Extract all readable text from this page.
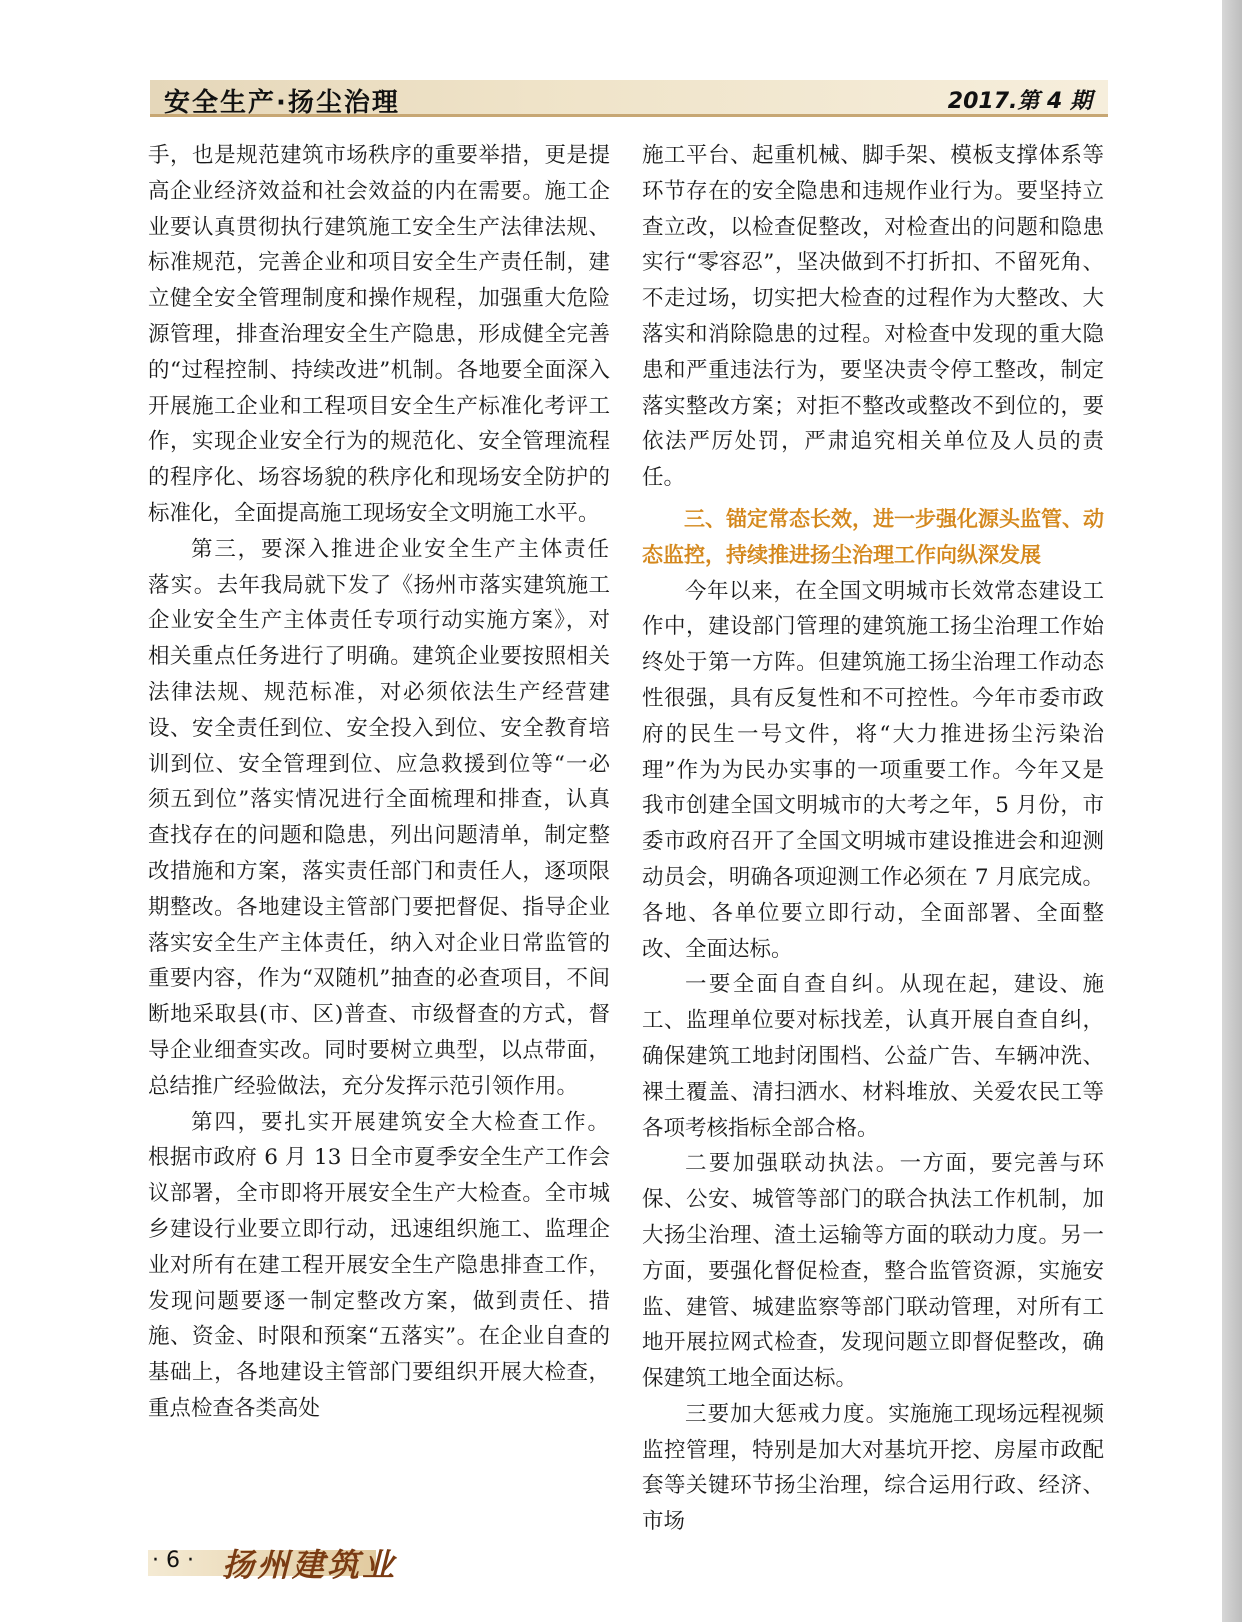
安全生产·扬尘治理	2017.第 4 期

手，也是规范建筑市场秩序的重要举措，更是提高企业经济效益和社会效益的内在需要。施工企业要认真贯彻执行建筑施工安全生产法律法规、标准规范，完善企业和项目安全生产责任制，建立健全安全管理制度和操作规程，加强重大危险源管理，排查治理安全生产隐患，形成健全完善的“过程控制、持续改进”机制。各地要全面深入开展施工企业和工程项目安全生产标准化考评工作，实现企业安全行为的规范化、安全管理流程的程序化、场容场貌的秩序化和现场安全防护的标准化，全面提高施工现场安全文明施工水平。

第三，要深入推进企业安全生产主体责任落实。去年我局就下发了《扬州市落实建筑施工企业安全生产主体责任专项行动实施方案》，对相关重点任务进行了明确。建筑企业要按照相关法律法规、规范标准，对必须依法生产经营建设、安全责任到位、安全投入到位、安全教育培训到位、安全管理到位、应急救援到位等“一必须五到位”落实情况进行全面梳理和排查，认真查找存在的问题和隐患，列出问题清单，制定整改措施和方案，落实责任部门和责任人，逐项限期整改。各地建设主管部门要把督促、指导企业落实安全生产主体责任，纳入对企业日常监管的重要内容，作为“双随机”抽查的必查项目，不间断地采取县(市、区)普查、市级督查的方式，督导企业细查实改。同时要树立典型，以点带面，总结推广经验做法，充分发挥示范引领作用。

第四，要扎实开展建筑安全大检查工作。根据市政府 6 月 13 日全市夏季安全生产工作会议部署，全市即将开展安全生产大检查。全市城乡建设行业要立即行动，迅速组织施工、监理企业对所有在建工程开展安全生产隐患排查工作，发现问题要逐一制定整改方案，做到责任、措施、资金、时限和预案“五落实”。在企业自查的基础上，各地建设主管部门要组织开展大检查，重点检查各类高处

施工平台、起重机械、脚手架、模板支撑体系等环节存在的安全隐患和违规作业行为。要坚持立查立改，以检查促整改，对检查出的问题和隐患实行“零容忍”，坚决做到不打折扣、不留死角、不走过场，切实把大检查的过程作为大整改、大落实和消除隐患的过程。对检查中发现的重大隐患和严重违法行为，要坚决责令停工整改，制定落实整改方案；对拒不整改或整改不到位的，要依法严厉处罚，严肃追究相关单位及人员的责任。

三、锚定常态长效，进一步强化源头监管、动态监控，持续推进扬尘治理工作向纵深发展

今年以来，在全国文明城市长效常态建设工作中，建设部门管理的建筑施工扬尘治理工作始终处于第一方阵。但建筑施工扬尘治理工作动态性很强，具有反复性和不可控性。今年市委市政府的民生一号文件，将“大力推进扬尘污染治理”作为为民办实事的一项重要工作。今年又是我市创建全国文明城市的大考之年，5 月份，市委市政府召开了全国文明城市建设推进会和迎测动员会，明确各项迎测工作必须在 7 月底完成。各地、各单位要立即行动，全面部署、全面整改、全面达标。

一要全面自查自纠。从现在起，建设、施工、监理单位要对标找差，认真开展自查自纠，确保建筑工地封闭围档、公益广告、车辆冲洗、裸土覆盖、清扫洒水、材料堆放、关爱农民工等各项考核指标全部合格。

二要加强联动执法。一方面，要完善与环保、公安、城管等部门的联合执法工作机制，加大扬尘治理、渣土运输等方面的联动力度。另一方面，要强化督促检查，整合监管资源，实施安监、建管、城建监察等部门联动管理，对所有工地开展拉网式检查，发现问题立即督促整改，确保建筑工地全面达标。

三要加大惩戒力度。实施施工现场远程视频监控管理，特别是加大对基坑开挖、房屋市政配套等关键环节扬尘治理，综合运用行政、经济、市场

· 6 · 扬州建筑业
